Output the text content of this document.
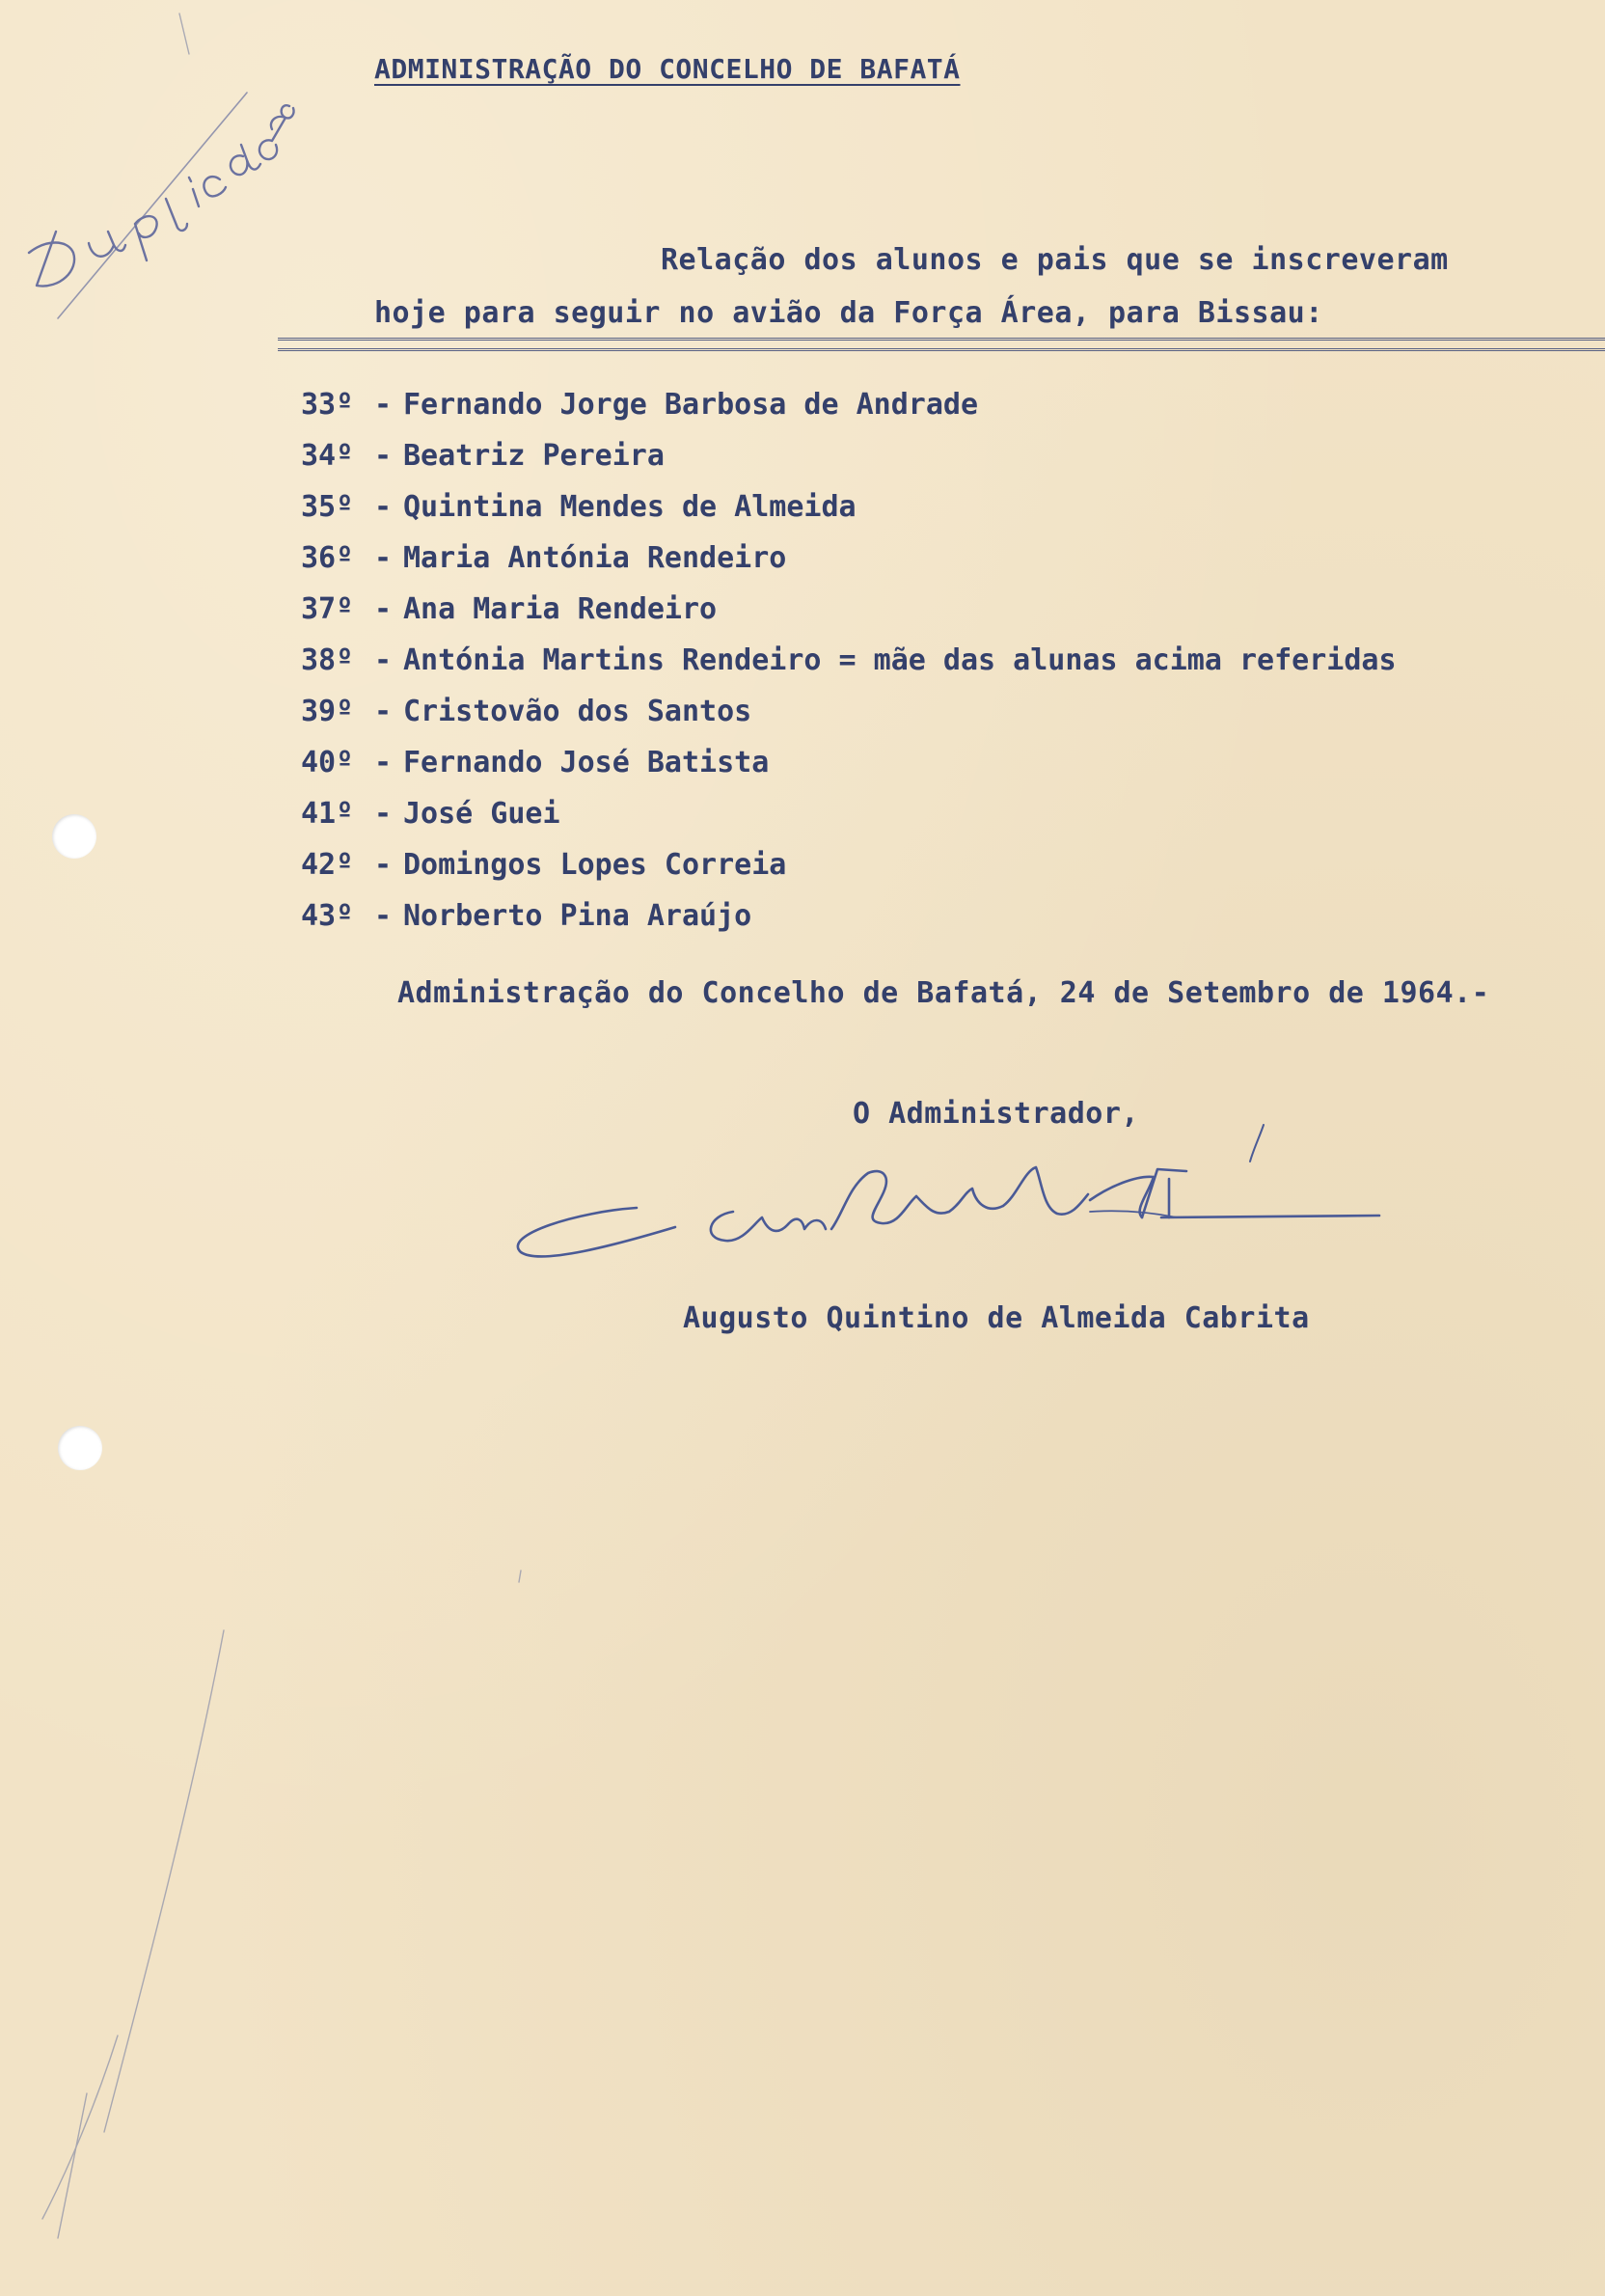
ADMINISTRAÇÃO DO CONCELHO DE BAFATÁ
Relação dos alunos e pais que se inscreveram
hoje para seguir no avião da Força Área, para Bissau:
33º - Fernando Jorge Barbosa de Andrade
34º - Beatriz Pereira
35º - Quintina Mendes de Almeida
36º - Maria Antónia Rendeiro
37º - Ana Maria Rendeiro
38º - Antónia Martins Rendeiro = mãe das alunas acima referidas
39º - Cristovão dos Santos
40º - Fernando José Batista
41º - José Guei
42º - Domingos Lopes Correia
43º - Norberto Pina Araújo
Administração do Concelho de Bafatá, 24 de Setembro de 1964.-
O Administrador,
Augusto Quintino de Almeida Cabrita
